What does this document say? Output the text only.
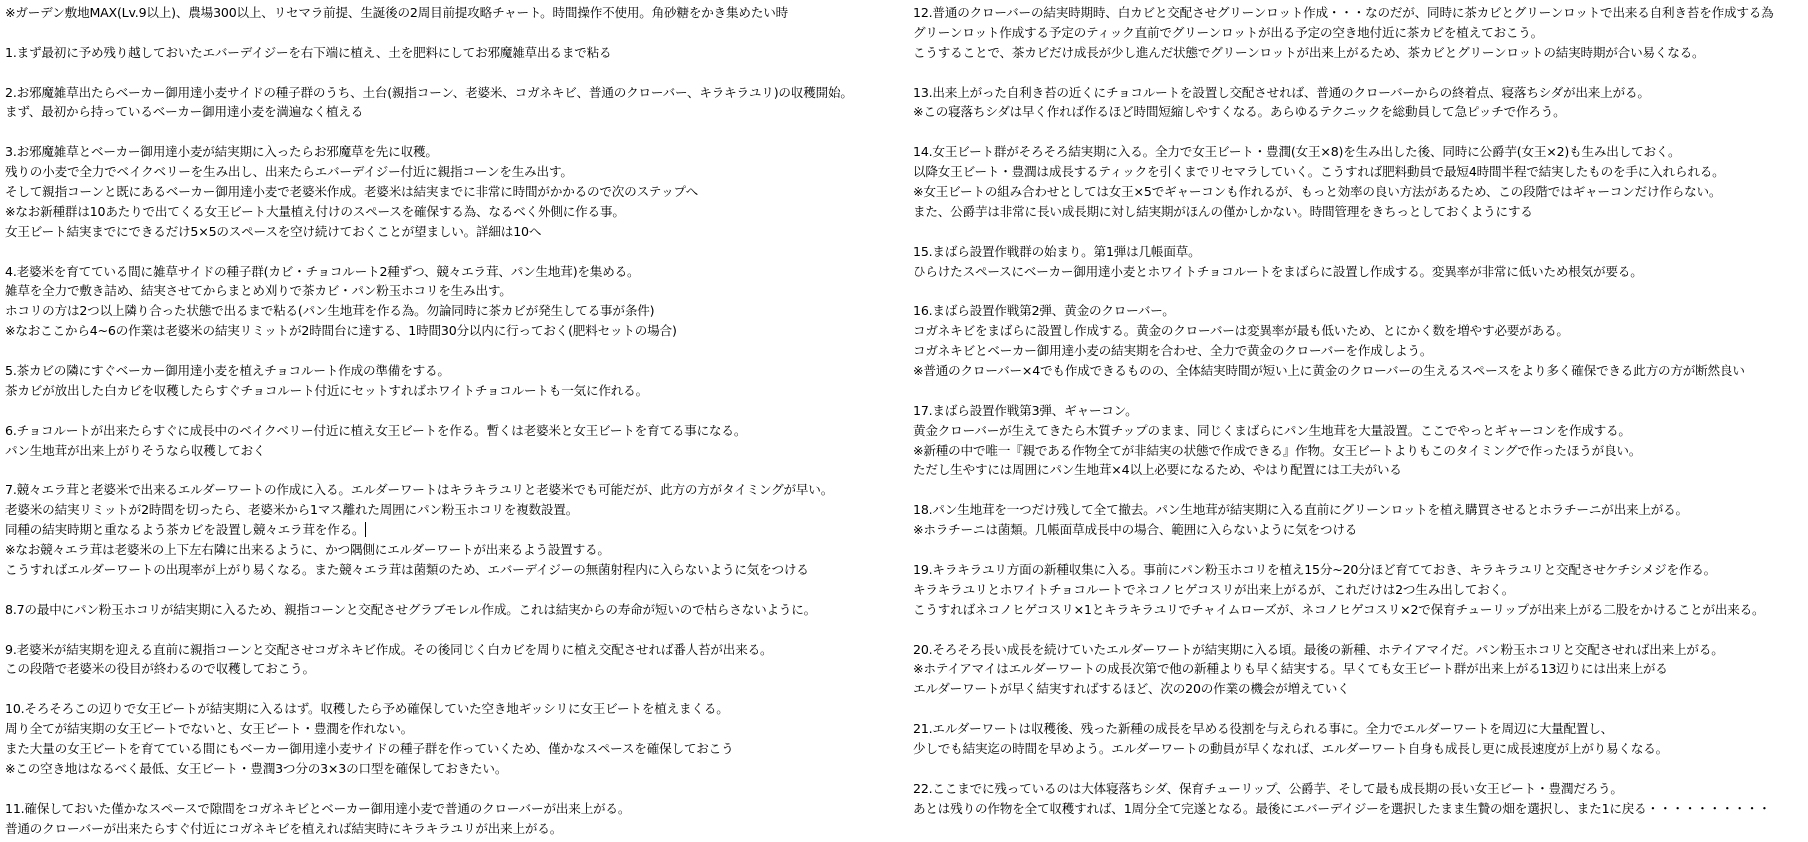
※ガーデン敷地MAX(Lv.9以上)、農場300以上、リセマラ前提、生誕後の2周目前提攻略チャート。時間操作不使用。角砂糖をかき集めたい時
1.まず最初に予め残り越しておいたエバーデイジーを右下端に植え、土を肥料にしてお邪魔雑草出るまで粘る
2.お邪魔雑草出たらベーカー御用達小麦サイドの種子群のうち、土台(親指コーン、老婆米、コガネキビ、普通のクローバー、キラキラユリ)の収穫開始。
まず、最初から持っているベーカー御用達小麦を満遍なく植える
3.お邪魔雑草とベーカー御用達小麦が結実期に入ったらお邪魔草を先に収穫。
残りの小麦で全力でベイクベリーを生み出し、出来たらエバーデイジー付近に親指コーンを生み出す。
そして親指コーンと既にあるベーカー御用達小麦で老婆米作成。老婆米は結実までに非常に時間がかかるので次のステップへ
※なお新種群は10あたりで出てくる女王ビート大量植え付けのスペースを確保する為、なるべく外側に作る事。
女王ビート結実までにできるだけ5×5のスペースを空け続けておくことが望ましい。詳細は10へ
4.老婆米を育てている間に雑草サイドの種子群(カビ・チョコルート2種ずつ、競々エラ茸、パン生地茸)を集める。
雑草を全力で敷き詰め、結実させてからまとめ刈りで茶カビ・パン粉玉ホコリを生み出す。
ホコリの方は2つ以上隣り合った状態で出るまで粘る(パン生地茸を作る為。勿論同時に茶カビが発生してる事が条件)
※なおここから4~6の作業は老婆米の結実リミットが2時間台に達する、1時間30分以内に行っておく(肥料セットの場合)
5.茶カビの隣にすぐベーカー御用達小麦を植えチョコルート作成の準備をする。
茶カビが放出した白カビを収穫したらすぐチョコルート付近にセットすればホワイトチョコルートも一気に作れる。
6.チョコルートが出来たらすぐに成長中のベイクベリー付近に植え女王ビートを作る。暫くは老婆米と女王ビートを育てる事になる。
パン生地茸が出来上がりそうなら収穫しておく
7.競々エラ茸と老婆米で出来るエルダーワートの作成に入る。エルダーワートはキラキラユリと老婆米でも可能だが、此方の方がタイミングが早い。
老婆米の結実リミットが2時間を切ったら、老婆米から1マス離れた周囲にパン粉玉ホコリを複数設置。
同種の結実時期と重なるよう茶カビを設置し競々エラ茸を作る。
※なお競々エラ茸は老婆米の上下左右隣に出来るように、かつ隅側にエルダーワートが出来るよう設置する。
こうすればエルダーワートの出現率が上がり易くなる。また競々エラ茸は菌類のため、エバーデイジーの無菌射程内に入らないように気をつける
8.7の最中にパン粉玉ホコリが結実期に入るため、親指コーンと交配させグラブモレル作成。これは結実からの寿命が短いので枯らさないように。
9.老婆米が結実期を迎える直前に親指コーンと交配させコガネキビ作成。その後同じく白カビを周りに植え交配させれば番人苔が出来る。
この段階で老婆米の役目が終わるので収穫しておこう。
10.そろそろこの辺りで女王ビートが結実期に入るはず。収穫したら予め確保していた空き地ギッシリに女王ビートを植えまくる。
周り全てが結実期の女王ビートでないと、女王ビート・豊潤を作れない。
また大量の女王ビートを育てている間にもベーカー御用達小麦サイドの種子群を作っていくため、僅かなスペースを確保しておこう
※この空き地はなるべく最低、女王ビート・豊潤3つ分の3×3の口型を確保しておきたい。
11.確保しておいた僅かなスペースで隙間をコガネキビとベーカー御用達小麦で普通のクローバーが出来上がる。
普通のクローバーが出来たらすぐ付近にコガネキビを植えれば結実時にキラキラユリが出来上がる。
12.普通のクローバーの結実時期時、白カビと交配させグリーンロット作成・・・なのだが、同時に茶カビとグリーンロットで出来る自利き苔を作成する為
グリーンロット作成する予定のティック直前でグリーンロットが出る予定の空き地付近に茶カビを植えておこう。
こうすることで、茶カビだけ成長が少し進んだ状態でグリーンロットが出来上がるため、茶カビとグリーンロットの結実時期が合い易くなる。
13.出来上がった自利き苔の近くにチョコルートを設置し交配させれば、普通のクローバーからの終着点、寝落ちシダが出来上がる。
※この寝落ちシダは早く作れば作るほど時間短縮しやすくなる。あらゆるテクニックを総動員して急ピッチで作ろう。
14.女王ビート群がそろそろ結実期に入る。全力で女王ビート・豊潤(女王×8)を生み出した後、同時に公爵芋(女王×2)も生み出しておく。
以降女王ビート・豊潤は成長するティックを引くまでリセマラしていく。こうすれば肥料動員で最短4時間半程で結実したものを手に入れられる。
※女王ビートの組み合わせとしては女王×5でギャーコンも作れるが、もっと効率の良い方法があるため、この段階ではギャーコンだけ作らない。
また、公爵芋は非常に長い成長期に対し結実期がほんの僅かしかない。時間管理をきちっとしておくようにする
15.まばら設置作戦群の始まり。第1弾は几帳面草。
ひらけたスペースにベーカー御用達小麦とホワイトチョコルートをまばらに設置し作成する。変異率が非常に低いため根気が要る。
16.まばら設置作戦第2弾、黄金のクローバー。
コガネキビをまばらに設置し作成する。黄金のクローバーは変異率が最も低いため、とにかく数を増やす必要がある。
コガネキビとベーカー御用達小麦の結実期を合わせ、全力で黄金のクローバーを作成しよう。
※普通のクローバー×4でも作成できるものの、全体結実時間が短い上に黄金のクローバーの生えるスペースをより多く確保できる此方の方が断然良い
17.まばら設置作戦第3弾、ギャーコン。
黄金クローバーが生えてきたら木質チップのまま、同じくまばらにパン生地茸を大量設置。ここでやっとギャーコンを作成する。
※新種の中で唯一『親である作物全てが非結実の状態で作成できる』作物。女王ビートよりもこのタイミングで作ったほうが良い。
ただし生やすには周囲にパン生地茸×4以上必要になるため、やはり配置には工夫がいる
18.パン生地茸を一つだけ残して全て撤去。パン生地茸が結実期に入る直前にグリーンロットを植え購買させるとホラチーニが出来上がる。
※ホラチーニは菌類。几帳面草成長中の場合、範囲に入らないように気をつける
19.キラキラユリ方面の新種収集に入る。事前にパン粉玉ホコリを植え15分~20分ほど育てておき、キラキラユリと交配させケチシメジを作る。
キラキラユリとホワイトチョコルートでネコノヒゲコスリが出来上がるが、これだけは2つ生み出しておく。
こうすればネコノヒゲコスリ×1とキラキラユリでチャイムローズが、ネコノヒゲコスリ×2で保育チューリップが出来上がる二股をかけることが出来る。
20.そろそろ長い成長を続けていたエルダーワートが結実期に入る頃。最後の新種、ホテイアマイだ。パン粉玉ホコリと交配させれば出来上がる。
※ホテイアマイはエルダーワートの成長次第で他の新種よりも早く結実する。早くても女王ビート群が出来上がる13辺りには出来上がる
エルダーワートが早く結実すればするほど、次の20の作業の機会が増えていく
21.エルダーワートは収穫後、残った新種の成長を早める役割を与えられる事に。全力でエルダーワートを周辺に大量配置し、
少しでも結実迄の時間を早めよう。エルダーワートの動員が早くなれば、エルダーワート自身も成長し更に成長速度が上がり易くなる。
22.ここまでに残っているのは大体寝落ちシダ、保育チューリップ、公爵芋、そして最も成長期の長い女王ビート・豊潤だろう。
あとは残りの作物を全て収穫すれば、1周分全て完遂となる。最後にエバーデイジーを選択したまま生贄の畑を選択し、また1に戻る・・・・・・・・・・
